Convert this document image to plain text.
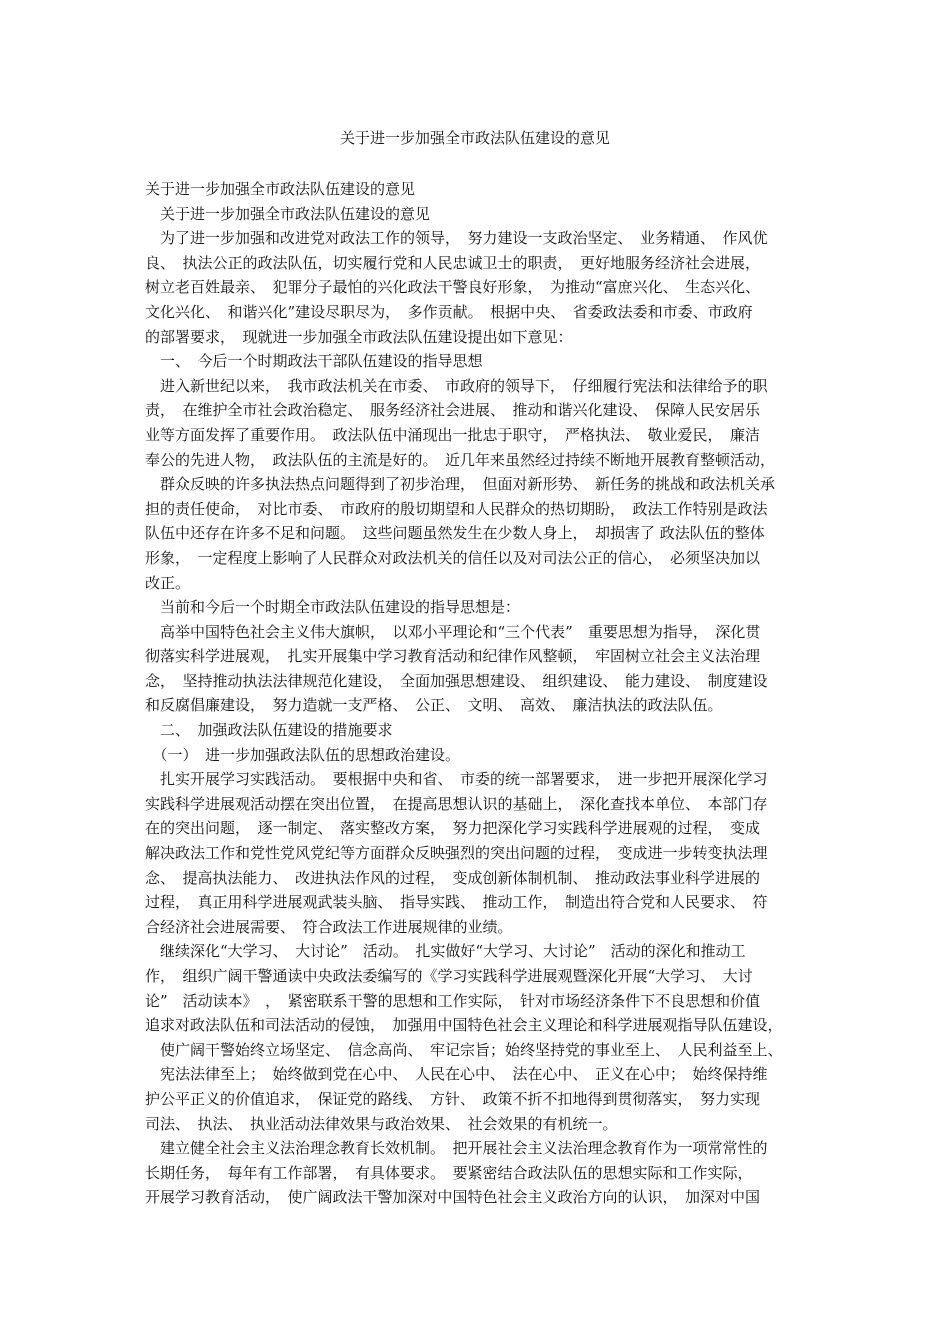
关于进一步加强全市政法队伍建设的意见
关于进一步加强全市政法队伍建设的意见
　关于进一步加强全市政法队伍建设的意见
　为了进一步加强和改进党对政法工作的领导，　努力建设一支政治坚定、　业务精通、　作风优
良、　执法公正的政法队伍，切实履行党和人民忠诚卫士的职责，　更好地服务经济社会进展，
树立老百姓最亲、　犯罪分子最怕的兴化政法干警良好形象，　为推动“富庶兴化、　生态兴化、
文化兴化、　和谐兴化”建设尽职尽为，　多作贡献。　根据中央、　省委政法委和市委、市政府
的部署要求，　现就进一步加强全市政法队伍建设提出如下意见：
　一、　今后一个时期政法干部队伍建设的指导思想
　进入新世纪以来，　我市政法机关在市委、　市政府的领导下，　仔细履行宪法和法律给予的职
责，　在维护全市社会政治稳定、　服务经济社会进展、　推动和谐兴化建设、　保障人民安居乐
业等方面发挥了重要作用。　政法队伍中涌现出一批忠于职守，　严格执法、　敬业爱民，　廉洁
奉公的先进人物，　政法队伍的主流是好的。　近几年来虽然经过持续不断地开展教育整顿活动，
　群众反映的许多执法热点问题得到了初步治理，　但面对新形势、　新任务的挑战和政法机关承
担的责任使命，　对比市委、　市政府的殷切期望和人民群众的热切期盼，　政法工作特别是政法
队伍中还存在许多不足和问题。　这些问题虽然发生在少数人身上，　却损害了 政法队伍的整体
形象，　一定程度上影响了人民群众对政法机关的信任以及对司法公正的信心，　必须坚决加以
改正。
　当前和今后一个时期全市政法队伍建设的指导思想是：
　高举中国特色社会主义伟大旗帜，　以邓小平理论和“三个代表”　重要思想为指导，　深化贯
彻落实科学进展观，　扎实开展集中学习教育活动和纪律作风整顿，　牢固树立社会主义法治理
念，　坚持推动执法法律规范化建设，　全面加强思想建设、　组织建设、　能力建设、　制度建设
和反腐倡廉建设，　努力造就一支严格、　公正、　文明、　高效、　廉洁执法的政法队伍。
　二、　加强政法队伍建设的措施要求
　（一）　进一步加强政法队伍的思想政治建设。
　扎实开展学习实践活动。　要根据中央和省、　市委的统一部署要求，　进一步把开展深化学习
实践科学进展观活动摆在突出位置，　在提高思想认识的基础上，　深化查找本单位、　本部门存
在的突出问题，　逐一制定、　落实整改方案，　努力把深化学习实践科学进展观的过程，　变成
解决政法工作和党性党风党纪等方面群众反映强烈的突出问题的过程，　变成进一步转变执法理
念、　提高执法能力、　改进执法作风的过程，　变成创新体制机制、　推动政法事业科学进展的
过程，　真正用科学进展观武装头脑、　指导实践、　推动工作，　制造出符合党和人民要求、　符
合经济社会进展需要、　符合政法工作进展规律的业绩。
　继续深化“大学习、　大讨论”　活动。　扎实做好“大学习、大讨论”　活动的深化和推动工
作，　组织广阔干警通读中央政法委编写的《学习实践科学进展观暨深化开展“大学习、　大讨
论”　活动读本》　，　紧密联系干警的思想和工作实际，　针对市场经济条件下不良思想和价值
追求对政法队伍和司法活动的侵蚀，　加强用中国特色社会主义理论和科学进展观指导队伍建设，
　使广阔干警始终立场坚定、　信念高尚、　牢记宗旨；始终坚持党的事业至上、　人民利益至上、
　宪法法律至上；　始终做到党在心中、　人民在心中、　法在心中、　正义在心中；　始终保持维
护公平正义的价值追求，　保证党的路线、　方针、　政策不折不扣地得到贯彻落实，　努力实现
司法、　执法、　执业活动法律效果与政治效果、　社会效果的有机统一。
　建立健全社会主义法治理念教育长效机制。　把开展社会主义法治理念教育作为一项常常性的
长期任务，　每年有工作部署，　有具体要求。　要紧密结合政法队伍的思想实际和工作实际，
开展学习教育活动，　使广阔政法干警加深对中国特色社会主义政治方向的认识，　加深对中国
